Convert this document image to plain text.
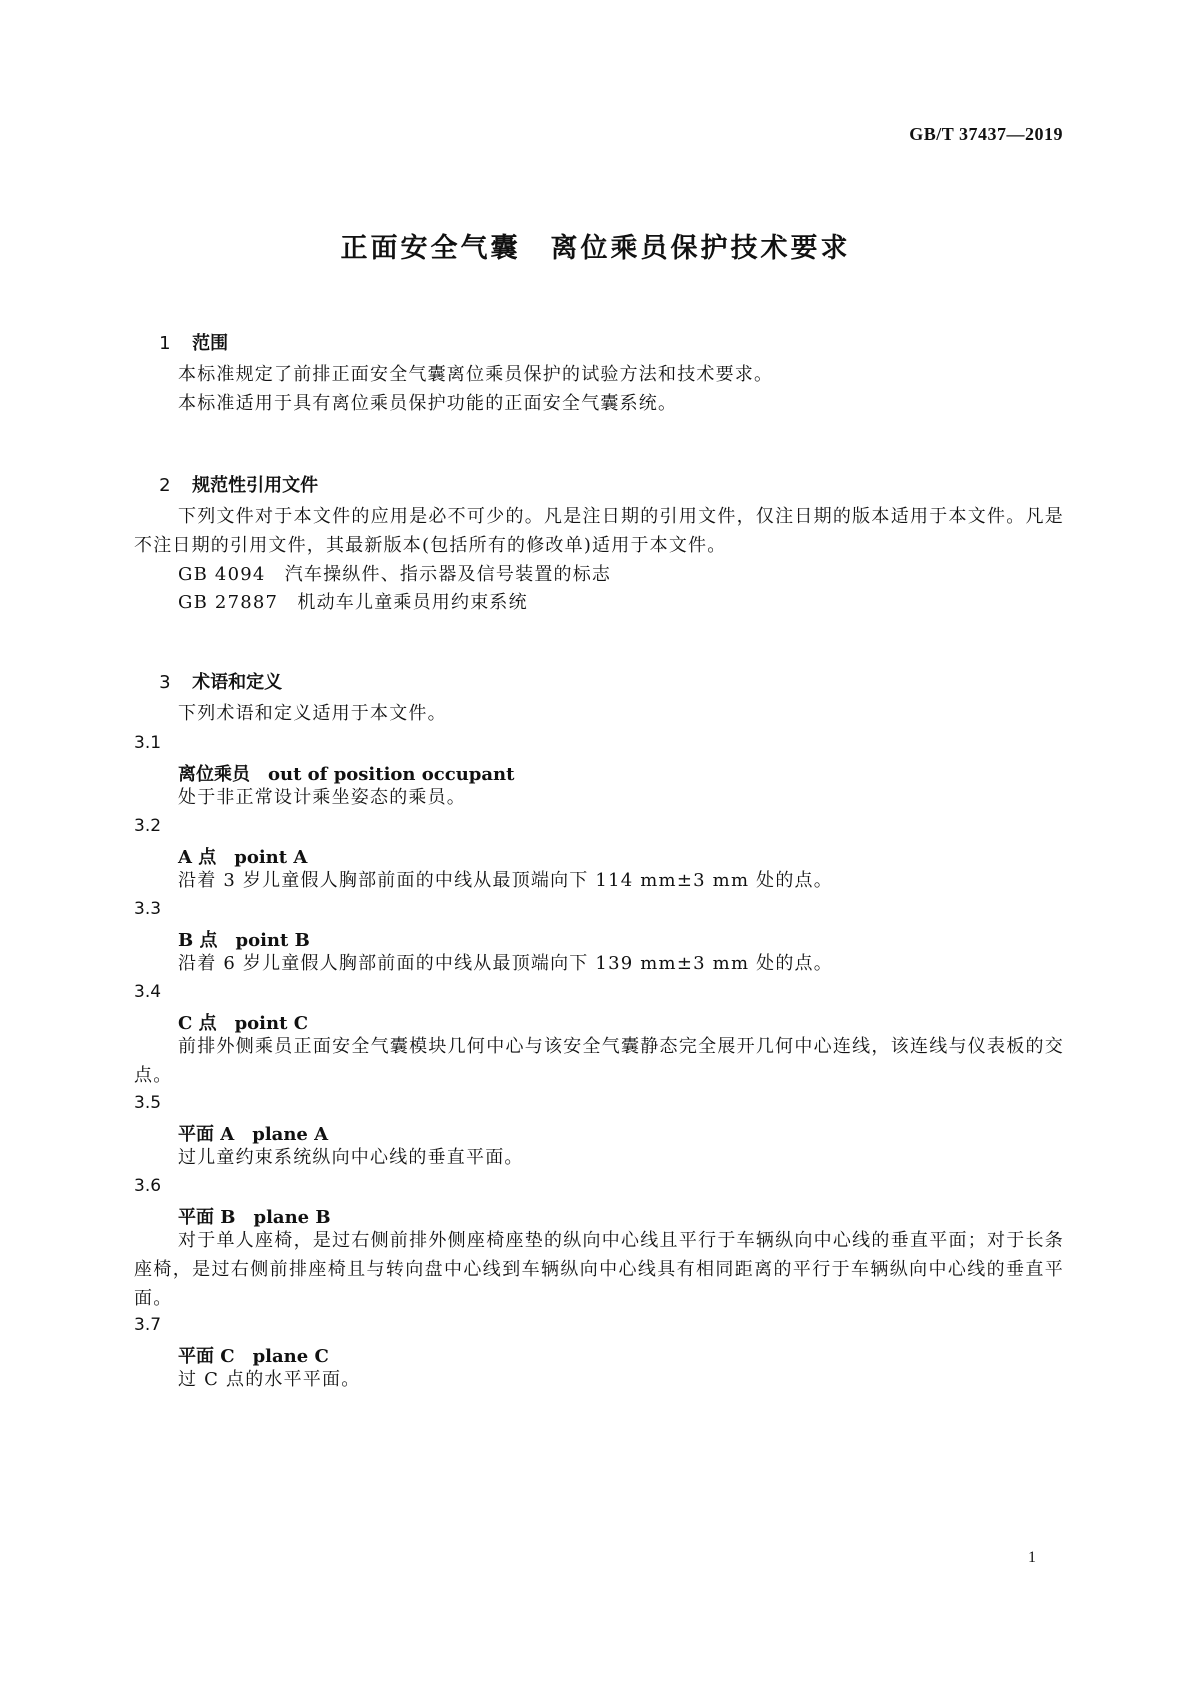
GB/T 37437—2019
正面安全气囊　离位乘员保护技术要求

1 范围

本标准规定了前排正面安全气囊离位乘员保护的试验方法和技术要求。
本标准适用于具有离位乘员保护功能的正面安全气囊系统。

2 规范性引用文件

下列文件对于本文件的应用是必不可少的。凡是注日期的引用文件，仅注日期的版本适用于本文件。凡是不注日期的引用文件，其最新版本(包括所有的修改单)适用于本文件。
GB 4094　汽车操纵件、指示器及信号装置的标志
GB 27887　机动车儿童乘员用约束系统

3 术语和定义

下列术语和定义适用于本文件。
3.1
离位乘员　out of position occupant
处于非正常设计乘坐姿态的乘员。
3.2
A 点　point A
沿着 3 岁儿童假人胸部前面的中线从最顶端向下 114 mm±3 mm 处的点。
3.3
B 点　point B
沿着 6 岁儿童假人胸部前面的中线从最顶端向下 139 mm±3 mm 处的点。
3.4
C 点　point C
前排外侧乘员正面安全气囊模块几何中心与该安全气囊静态完全展开几何中心连线，该连线与仪表板的交点。
3.5
平面 A　plane A
过儿童约束系统纵向中心线的垂直平面。
3.6
平面 B　plane B
对于单人座椅，是过右侧前排外侧座椅座垫的纵向中心线且平行于车辆纵向中心线的垂直平面；对于长条座椅，是过右侧前排座椅且与转向盘中心线到车辆纵向中心线具有相同距离的平行于车辆纵向中心线的垂直平面。
3.7
平面 C　plane C
过 C 点的水平平面。
1
